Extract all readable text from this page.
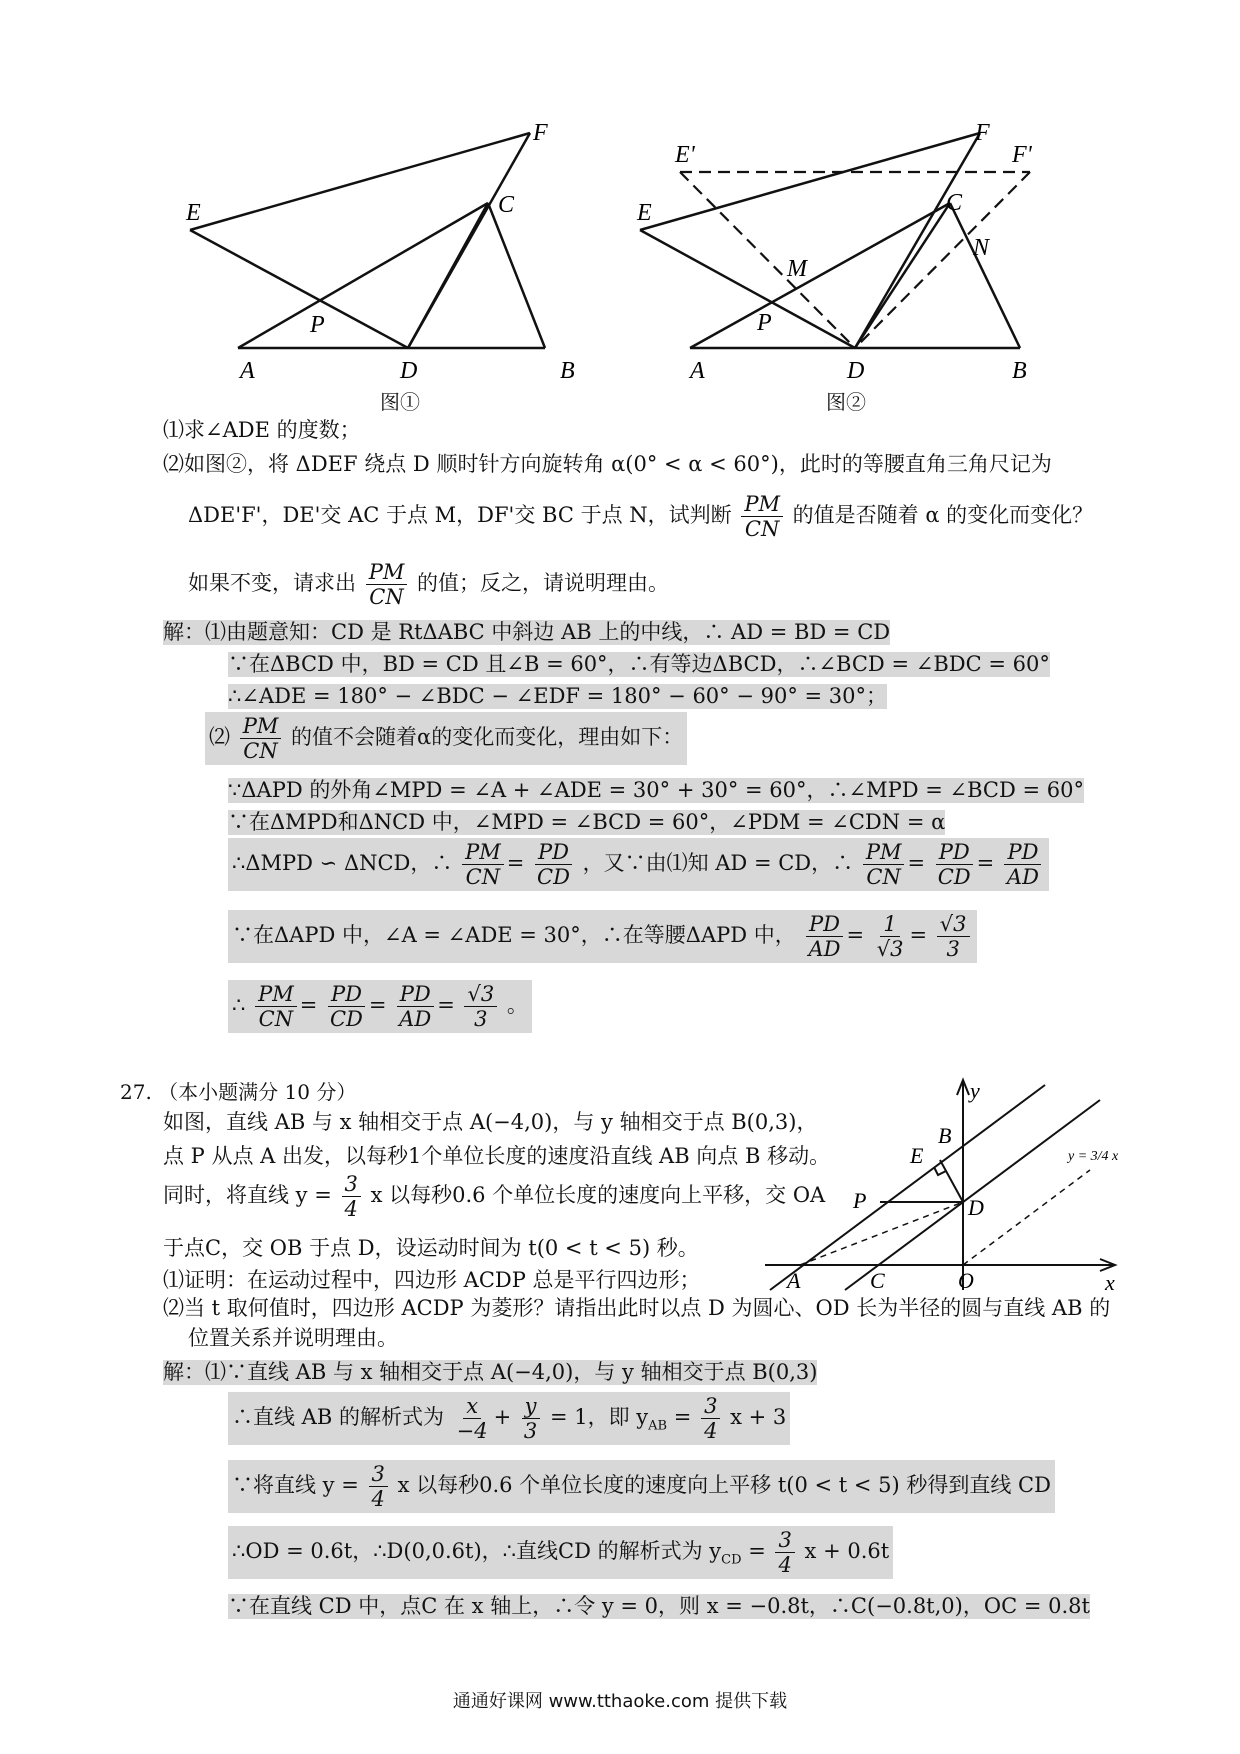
E
F
C
P
A	D	B
图①
E'	F'
F
E	C
M
N
P
A	D	B
图②
⑴求∠ADE 的度数；
⑵如图②，将 ΔDEF 绕点 D 顺时针方向旋转角 α(0° < α < 60°)，此时的等腰直角三角尺记为
ΔDE'F'，DE'交 AC 于点 M，DF'交 BC 于点 N，试判断 $\frac{PM}{CN}$ 的值是否随着 α 的变化而变化？
如果不变，请求出 $\frac{PM}{CN}$ 的值；反之，请说明理由。
解：⑴由题意知：CD 是 RtΔABC 中斜边 AB 上的中线，∴ AD = BD = CD
∵在ΔBCD 中，BD = CD 且∠B = 60°，∴有等边ΔBCD，∴∠BCD = ∠BDC = 60°
∴∠ADE = 180° − ∠BDC − ∠EDF = 180° − 60° − 90° = 30°；
⑵ $\frac{PM}{CN}$ 的值不会随着α的变化而变化，理由如下：
∵ΔAPD 的外角∠MPD = ∠A + ∠ADE = 30° + 30° = 60°，∴∠MPD = ∠BCD = 60°
∵在ΔMPD和ΔNCD 中，∠MPD = ∠BCD = 60°，∠PDM = ∠CDN = α
∴ΔMPD ∽ ΔNCD，∴ $\frac{PM}{CN} = \frac{PD}{CD}$ ，又∵由⑴知 AD = CD，∴ $\frac{PM}{CN} = \frac{PD}{CD} = \frac{PD}{AD}$
∵在ΔAPD 中，∠A = ∠ADE = 30°，∴在等腰ΔAPD 中， $\frac{PD}{AD} = \frac{1}{√3} = \frac{√3}{3}$
∴ $\frac{PM}{CN} = \frac{PD}{CD} = \frac{PD}{AD} = \frac{√3}{3}$ 。
27. （本小题满分 10 分）
如图，直线 AB 与 x 轴相交于点 A(−4,0)，与 y 轴相交于点 B(0,3)，
点 P 从点 A 出发，以每秒1个单位长度的速度沿直线 AB 向点 B 移动。
同时，将直线 $y = \frac{3}{4}$ x 以每秒0.6 个单位长度的速度向上平移，交 OA
于点C，交 OB 于点 D，设运动时间为 t(0 < t < 5) 秒。
⑴证明：在运动过程中，四边形 ACDP 总是平行四边形；
⑵当 t 取何值时，四边形 ACDP 为菱形？请指出此时以点 D 为圆心、OD 长为半径的圆与直线 AB 的
位置关系并说明理由。
y
x
B
E
P	D
A	C	O
y = 3/4 x
解：⑴∵直线 AB 与 x 轴相交于点 A(−4,0)，与 y 轴相交于点 B(0,3)
∴直线 AB 的解析式为 $\frac{x}{-4} + \frac{y}{3} = 1$，即 $y_{AB} = \frac{3}{4}$ x + 3
∵将直线 $y = \frac{3}{4}$ x 以每秒0.6 个单位长度的速度向上平移 t(0 < t < 5) 秒得到直线 CD
∴OD = 0.6t，∴D(0,0.6t)，∴直线CD 的解析式为 $y_{CD} = \frac{3}{4}$ x + 0.6t
∵在直线 CD 中，点C 在 x 轴上，∴令 y = 0，则 x = −0.8t，∴C(−0.8t,0)，OC = 0.8t
通通好课网 www.tthaoke.com 提供下载
